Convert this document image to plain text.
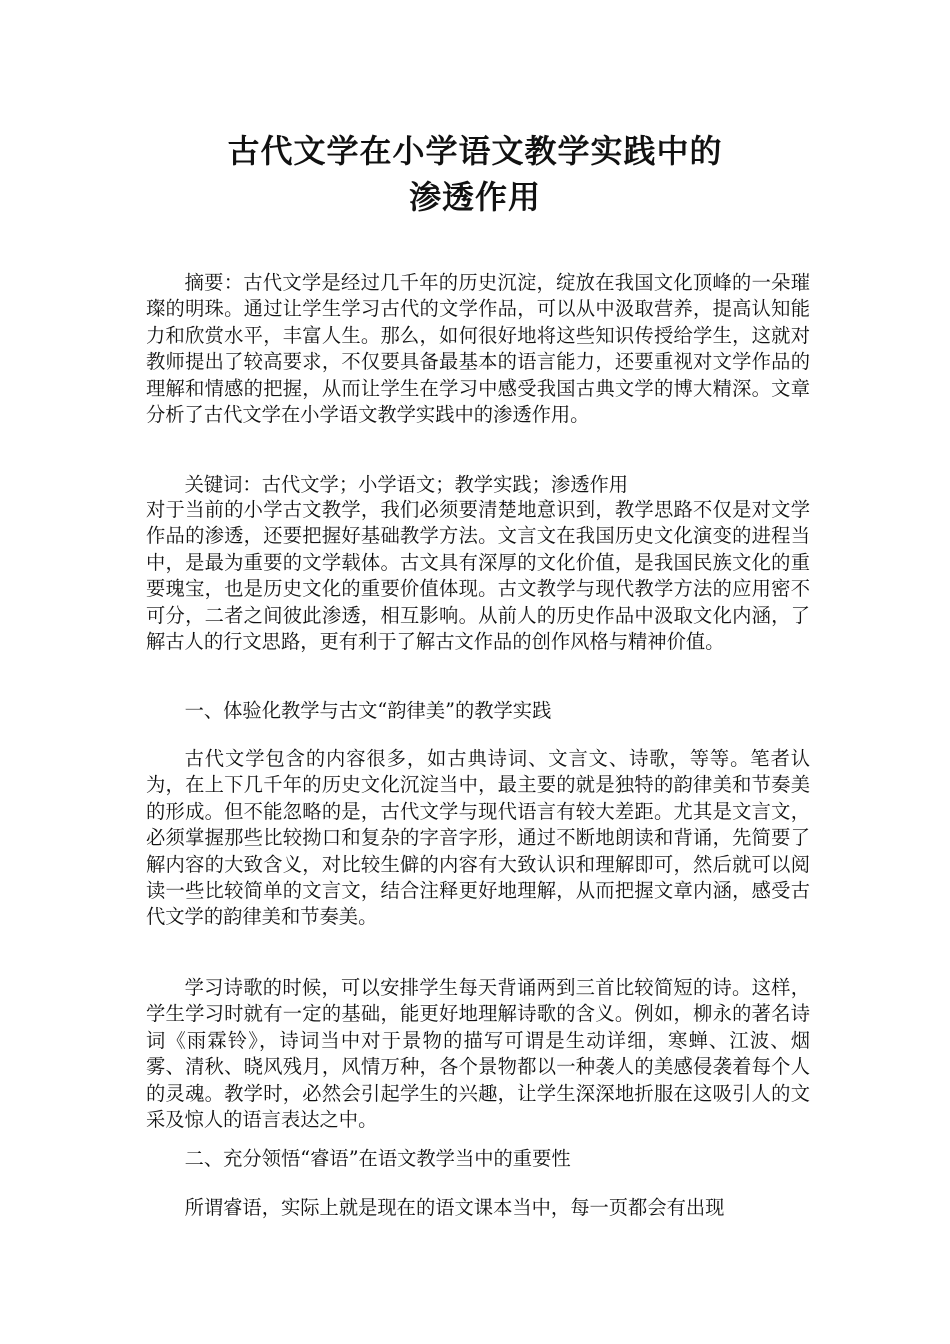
古代文学在小学语文教学实践中的
渗透作用

摘要：古代文学是经过几千年的历史沉淀，绽放在我国文化顶峰的一朵璀璨的明珠。通过让学生学习古代的文学作品，可以从中汲取营养，提高认知能力和欣赏水平，丰富人生。那么，如何很好地将这些知识传授给学生，这就对教师提出了较高要求，不仅要具备最基本的语言能力，还要重视对文学作品的理解和情感的把握，从而让学生在学习中感受我国古典文学的博大精深。文章分析了古代文学在小学语文教学实践中的渗透作用。

关键词：古代文学；小学语文；教学实践；渗透作用

对于当前的小学古文教学，我们必须要清楚地意识到，教学思路不仅是对文学作品的渗透，还要把握好基础教学方法。文言文在我国历史文化演变的进程当中，是最为重要的文学载体。古文具有深厚的文化价值，是我国民族文化的重要瑰宝，也是历史文化的重要价值体现。古文教学与现代教学方法的应用密不可分，二者之间彼此渗透，相互影响。从前人的历史作品中汲取文化内涵，了解古人的行文思路，更有利于了解古文作品的创作风格与精神价值。

一、体验化教学与古文“韵律美”的教学实践

古代文学包含的内容很多，如古典诗词、文言文、诗歌，等等。笔者认为，在上下几千年的历史文化沉淀当中，最主要的就是独特的韵律美和节奏美的形成。但不能忽略的是，古代文学与现代语言有较大差距。尤其是文言文，必须掌握那些比较拗口和复杂的字音字形，通过不断地朗读和背诵，先简要了解内容的大致含义，对比较生僻的内容有大致认识和理解即可，然后就可以阅读一些比较简单的文言文，结合注释更好地理解，从而把握文章内涵，感受古代文学的韵律美和节奏美。

学习诗歌的时候，可以安排学生每天背诵两到三首比较简短的诗。这样，学生学习时就有一定的基础，能更好地理解诗歌的含义。例如，柳永的著名诗词《雨霖铃》，诗词当中对于景物的描写可谓是生动详细，寒蝉、江波、烟雾、清秋、晓风残月，风情万种，各个景物都以一种袭人的美感侵袭着每个人的灵魂。教学时，必然会引起学生的兴趣，让学生深深地折服在这吸引人的文采及惊人的语言表达之中。

二、充分领悟“睿语”在语文教学当中的重要性

所谓睿语，实际上就是现在的语文课本当中，每一页都会有出现
